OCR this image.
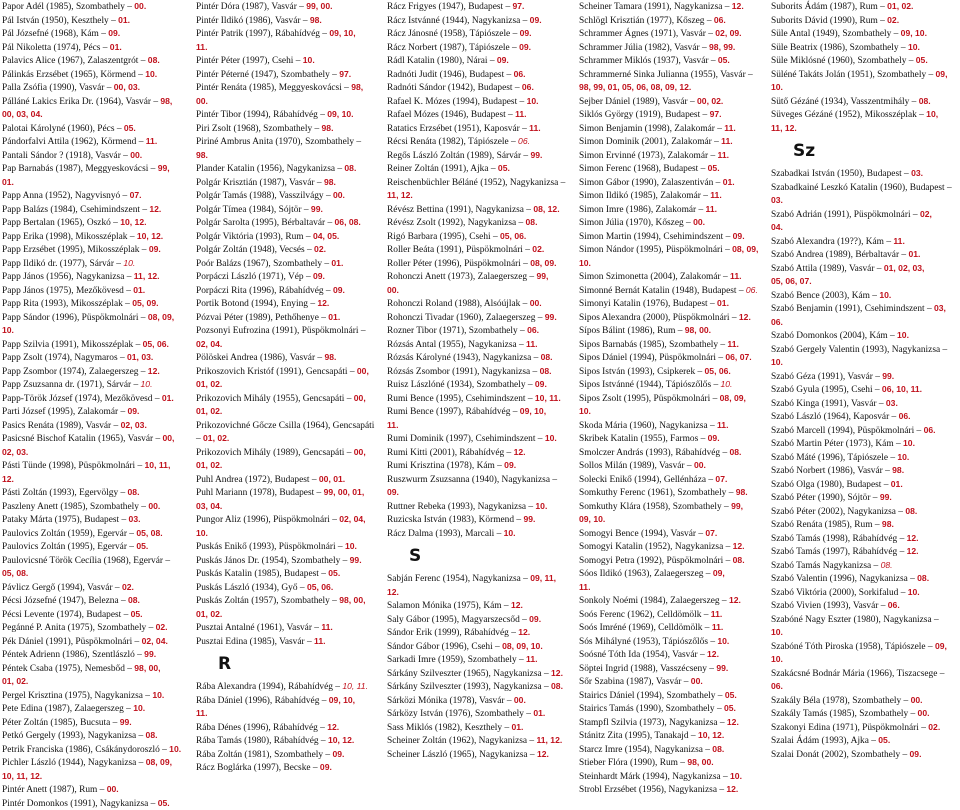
Papor Adél (1985), Szombathely – 00.
Pál István (1950), Keszthely – 01.
Pál Józsefné (1968), Kám – 09.
Pál Nikoletta (1974), Pécs – 01.
Palavics Alice (1967), Zalaszentgrót – 08.
Pálinkás Erzsébet (1965), Körmend – 10.
Palla Zsófia (1990), Vasvár – 00, 03.
Pálláné Lakics Erika Dr. (1964), Vasvár – 98,
00, 03, 04.
Palotai Károlyné (1960), Pécs – 05.
Pándorfalvi Attila (1962), Körmend – 11.
Pantali Sándor ? (1918), Vasvár – 00.
Pap Barnabás (1987), Meggyeskovácsi – 99,
01.
Papp Anna (1952), Nagyvisnyó – 07.
Papp Balázs (1984), Csehimindszent – 12.
Papp Bertalan (1965), Oszkó – 10, 12.
Papp Erika (1998), Mikosszéplak – 10, 12.
Papp Erzsébet (1995), Mikosszéplak – 09.
Papp Ildikó dr. (1977), Sárvár – 10.
Papp János (1956), Nagykanizsa – 11, 12.
Papp János (1975), Mezőkövesd – 01.
Papp Rita (1993), Mikosszéplak – 05, 09.
Papp Sándor (1996), Püspökmolnári – 08, 09,
10.
Papp Szilvia (1991), Mikosszéplak – 05, 06.
Papp Zsolt (1974), Nagymaros – 01, 03.
Papp Zsombor (1974), Zalaegerszeg – 12.
Papp Zsuzsanna dr. (1971), Sárvár – 10.
Papp-Török József (1974), Mezőkövesd – 01.
Parti József (1995), Zalakomár – 09.
Pasics Renáta (1989), Vasvár – 02, 03.
Pasicsné Bischof Katalin (1965), Vasvár – 00,
02, 03.
Pásti Tünde (1998), Püspökmolnári – 10, 11,
12.
Pásti Zoltán (1993), Egervölgy – 08.
Paszleny Anett (1985), Szombathely – 00.
Pataky Márta (1975), Budapest – 03.
Paulovics Zoltán (1959), Egervár – 05, 08.
Paulovics Zoltán (1995), Egervár – 05.
Paulovicsné Török Cecília (1968), Egervár –
05, 08.
Pávlicz Gergő (1994), Vasvár – 02.
Pécsi Józsefné (1947), Belezna – 08.
Pécsi Levente (1974), Budapest – 05.
Pegánné P. Anita (1975), Szombathely – 02.
Pék Dániel (1991), Püspökmolnári – 02, 04.
Péntek Adrienn (1986), Szentlászló – 99.
Péntek Csaba (1975), Nemesbőd – 98, 00,
01, 02.
Pergel Krisztina (1975), Nagykanizsa – 10.
Pete Edina (1987), Zalaegerszeg – 10.
Péter Zoltán (1985), Bucsuta – 99.
Petkó Gergely (1993), Nagykanizsa – 08.
Petrik Franciska (1986), Csákánydoroszló – 10.
Pichler László (1944), Nagykanizsa – 08, 09,
10, 11, 12.
Pintér Anett (1987), Rum – 00.
Pintér Domonkos (1991), Nagykanizsa – 05.
Pintér Dóra (1987), Vasvár – 99, 00.
Pintér Ildikó (1986), Vasvár – 98.
Pintér Patrik (1997), Rábahídvég – 09, 10,
11.
Pintér Péter (1997), Csehi – 10.
Pintér Péterné (1947), Szombathely – 97.
Pintér Renáta (1985), Meggyeskovácsi – 98,
00.
Pintér Tibor (1994), Rábahídvég – 09, 10.
Piri Zsolt (1968), Szombathely – 98.
Piriné Ambrus Anita (1970), Szombathely –
98.
Plander Katalin (1956), Nagykanizsa – 08.
Polgár Krisztián (1987), Vasvár – 98.
Polgár Tamás (1988), Vasszilvágy – 00.
Polgár Tímea (1984), Sójtör – 99.
Polgár Sarolta (1995), Bérbaltavár – 06, 08.
Polgár Viktória (1993), Rum – 04, 05.
Polgár Zoltán (1948), Vecsés – 02.
Poór Balázs (1967), Szombathely – 01.
Porpáczi László (1971), Vép – 09.
Porpáczi Rita (1996), Rábahídvég – 09.
Portik Botond (1994), Enying – 12.
Pózvai Péter (1989), Pethőhenye – 01.
Pozsonyi Eufrozina (1991), Püspökmolnári –
02, 04.
Pölöskei Andrea (1986), Vasvár – 98.
Prikoszovich Kristóf (1991), Gencsapáti – 00,
01, 02.
Prikozovich Mihály (1955), Gencsapáti – 00,
01, 02.
Prikozovichné Gőcze Csilla (1964), Gencsapáti
– 01, 02.
Prikozovich Mihály (1989), Gencsapáti – 00,
01, 02.
Puhl Andrea (1972), Budapest – 00, 01.
Puhl Mariann (1978), Budapest – 99, 00, 01,
03, 04.
Pungor Aliz (1996), Püspökmolnári – 02, 04,
10.
Puskás Enikő (1993), Püspökmolnári – 10.
Puskás János Dr. (1954), Szombathely – 99.
Puskás Katalin (1985), Budapest – 05.
Puskás László (1934), Győ – 05, 06.
Puskás Zoltán (1957), Szombathely – 98, 00,
01, 02.
Pusztai Antalné (1961), Vasvár – 11.
Pusztai Edina (1985), Vasvár – 11.
R
Rába Alexandra (1994), Rábahídvég – 10, 11.
Rába Dániel (1996), Rábahídvég – 09, 10,
11.
Rába Dénes (1996), Rábahídvég – 12.
Rába Tamás (1980), Rábahídvég – 10, 12.
Rába Zoltán (1981), Szombathely – 09.
Rácz Boglárka (1997), Becske – 09.
Rácz Frigyes (1947), Budapest – 97.
Rácz Istvánné (1944), Nagykanizsa – 09.
Rácz Jánosné (1958), Tápiószele – 09.
Rácz Norbert (1987), Tápiószele – 09.
Rádl Katalin (1980), Nárai – 09.
Radnóti Judit (1946), Budapest – 06.
Radnóti Sándor (1942), Budapest – 06.
Rafael K. Mózes (1994), Budapest – 10.
Rafael Mózes (1946), Budapest – 11.
Ratatics Erzsébet (1951), Kaposvár – 11.
Récsi Renáta (1982), Tápiószele – 06.
Regős László Zoltán (1989), Sárvár – 99.
Reiner Zoltán (1991), Ajka – 05.
Reischenbüchler Béláné (1952), Nagykanizsa –
11, 12.
Révész Bettina (1991), Nagykanizsa – 08, 12.
Révész Zsolt (1992), Nagykanizsa – 08.
Rigó Barbara (1995), Csehi – 05, 06.
Roller Beáta (1991), Püspökmolnári – 02.
Roller Péter (1996), Püspökmolnári – 08, 09.
Rohonczi Anett (1973), Zalaegerszeg – 99,
00.
Rohonczi Roland (1988), Alsóújlak – 00.
Rohonczi Tivadar (1960), Zalaegerszeg – 99.
Rozner Tibor (1971), Szombathely – 06.
Rózsás Antal (1955), Nagykanizsa – 11.
Rózsás Károlyné (1943), Nagykanizsa – 08.
Rózsás Zsombor (1991), Nagykanizsa – 08.
Ruisz Lászlóné (1934), Szombathely – 09.
Rumi Bence (1995), Csehimindszent – 10, 11.
Rumi Bence (1997), Rábahídvég – 09, 10,
11.
Rumi Dominik (1997), Csehimindszent – 10.
Rumi Kitti (2001), Rábahídvég – 12.
Rumi Krisztina (1978), Kám – 09.
Ruszwurm Zsuzsanna (1940), Nagykanizsa –
09.
Ruttner Rebeka (1993), Nagykanizsa – 10.
Ruzicska István (1983), Körmend – 99.
Rácz Dalma (1993), Marcali – 10.
S
Sabján Ferenc (1954), Nagykanizsa – 09, 11,
12.
Salamon Mónika (1975), Kám – 12.
Saly Gábor (1995), Magyarszecsőd – 09.
Sándor Erik (1999), Rábahídvég – 12.
Sándor Gábor (1996), Csehi – 08, 09, 10.
Sarkadi Imre (1959), Szombathely – 11.
Sárkány Szilveszter (1965), Nagykanizsa – 12.
Sárkány Szilveszter (1993), Nagykanizsa – 08.
Sárközi Mónika (1978), Vasvár – 00.
Sárközy István (1976), Szombathely – 01.
Sass Miklós (1982), Keszthely – 01.
Scheiner Zoltán (1962), Nagykanizsa – 11, 12.
Scheiner László (1965), Nagykanizsa – 12.
Scheiner Tamara (1991), Nagykanizsa – 12.
Schlögl Krisztián (1977), Kőszeg – 06.
Schrammer Ágnes (1971), Vasvár – 02, 09.
Schrammer Júlia (1982), Vasvár – 98, 99.
Schrammer Miklós (1937), Vasvár – 05.
Schrammerné Sinka Julianna (1955), Vasvár –
98, 99, 01, 05, 06, 08, 09, 12.
Sejber Dániel (1989), Vasvár – 00, 02.
Siklós György (1919), Budapest – 97.
Simon Benjamin (1998), Zalakomár – 11.
Simon Dominik (2001), Zalakomár – 11.
Simon Ervinné (1973), Zalakomár – 11.
Simon Ferenc (1968), Budapest – 05.
Simon Gábor (1990), Zalaszentiván – 01.
Simon Ildikó (1985), Zalakomár – 11.
Simon Imre (1986), Zalakomár – 11.
Simon Júlia (1970), Kőszeg – 00.
Simon Martin (1994), Csehimindszent – 09.
Simon Nándor (1995), Püspökmolnári – 08, 09,
10.
Simon Szimonetta (2004), Zalakomár – 11.
Simonné Bernát Katalin (1948), Budapest – 06.
Simonyi Katalin (1976), Budapest – 01.
Sipos Alexandra (2000), Püspökmolnári – 12.
Sípos Bálint (1986), Rum – 98, 00.
Sipos Barnabás (1985), Szombathely – 11.
Sipos Dániel (1994), Püspökmolnári – 06, 07.
Sipos István (1993), Csipkerek – 05, 06.
Sipos Istvánné (1944), Tápiószőlős – 10.
Sipos Zsolt (1995), Püspökmolnári – 08, 09,
10.
Skoda Mária (1960), Nagykanizsa – 11.
Skribek Katalin (1955), Farmos – 09.
Smolczer András (1993), Rábahídvég – 08.
Sollos Milán (1989), Vasvár – 00.
Solecki Enikő (1994), Gellénháza – 07.
Somkuthy Ferenc (1961), Szombathely – 98.
Somkuthy Klára (1958), Szombathely – 99,
09, 10.
Somogyi Bence (1994), Vasvár – 07.
Somogyi Katalin (1952), Nagykanizsa – 12.
Somogyi Petra (1992), Püspökmolnári – 08.
Sóos Ildikó (1963), Zalaegerszeg – 09,
11.
Sonkoly Noémi (1984), Zalaegerszeg – 12.
Soós Ferenc (1962), Celldömölk – 11.
Soós Imréné (1969), Celldömölk – 11.
Sós Mihályné (1953), Tápiószőlős – 10.
Soósné Tóth Ida (1954), Vasvár – 12.
Söptei Ingrid (1988), Vasszécseny – 99.
Sőr Szabina (1987), Vasvár – 00.
Stairics Dániel (1994), Szombathely – 05.
Stairics Tamás (1990), Szombathely – 05.
Stampfl Szilvia (1973), Nagykanizsa – 12.
Stánitz Zita (1995), Tanakajd – 10, 12.
Starcz Imre (1954), Nagykanizsa – 08.
Stieber Flóra (1990), Rum – 98, 00.
Steinhardt Márk (1994), Nagykanizsa – 10.
Strobl Erzsébet (1956), Nagykanizsa – 12.
Suborits Ádám (1987), Rum – 01, 02.
Suborits Dávid (1990), Rum – 02.
Süle Antal (1949), Szombathely – 09, 10.
Süle Beatrix (1986), Szombathely – 10.
Süle Miklósné (1960), Szombathely – 05.
Süléné Takáts Jolán (1951), Szombathely – 09,
10.
Sütő Gézáné (1934), Vasszentmihály – 08.
Süveges Gézáné (1952), Mikosszéplak – 10,
11, 12.
Sz
Szabadkai István (1950), Budapest – 03.
Szabadkainé Leszkó Katalin (1960), Budapest –
03.
Szabó Adrián (1991), Püspökmolnári – 02,
04.
Szabó Alexandra (19??), Kám – 11.
Szabó Andrea (1989), Bérbaltavár – 01.
Szabó Attila (1989), Vasvár – 01, 02, 03,
05, 06, 07.
Szabó Bence (2003), Kám – 10.
Szabó Benjamin (1991), Csehimindszent – 03,
06.
Szabó Domonkos (2004), Kám – 10.
Szabó Gergely Valentin (1993), Nagykanizsa –
10.
Szabó Géza (1991), Vasvár – 99.
Szabó Gyula (1995), Csehi – 06, 10, 11.
Szabó Kinga (1991), Vasvár – 03.
Szabó László (1964), Kaposvár – 06.
Szabó Marcell (1994), Püspökmolnári – 06.
Szabó Martin Péter (1973), Kám – 10.
Szabó Máté (1996), Tápiószele – 10.
Szabó Norbert (1986), Vasvár – 98.
Szabó Olga (1980), Budapest – 01.
Szabó Péter (1990), Sójtör – 99.
Szabó Péter (2002), Nagykanizsa – 08.
Szabó Renáta (1985), Rum – 98.
Szabó Tamás (1998), Rábahídvég – 12.
Szabó Tamás (1997), Rábahídvég – 12.
Szabó Tamás Nagykanizsa – 08.
Szabó Valentin (1996), Nagykanizsa – 08.
Szabó Viktória (2000), Sorkifalud – 10.
Szabó Vivien (1993), Vasvár – 06.
Szabóné Nagy Eszter (1980), Nagykanizsa –
10.
Szabóné Tóth Piroska (1958), Tápiószele – 09,
10.
Szakácsné Bodnár Mária (1966), Tiszacsege –
06.
Szakály Béla (1978), Szombathely – 00.
Szakály Tamás (1985), Szombathely – 00.
Szakonyi Edina (1971), Püspökmolnári – 02.
Szalai Ádám (1993), Ajka – 05.
Szalai Donát (2002), Szombathely – 09.
